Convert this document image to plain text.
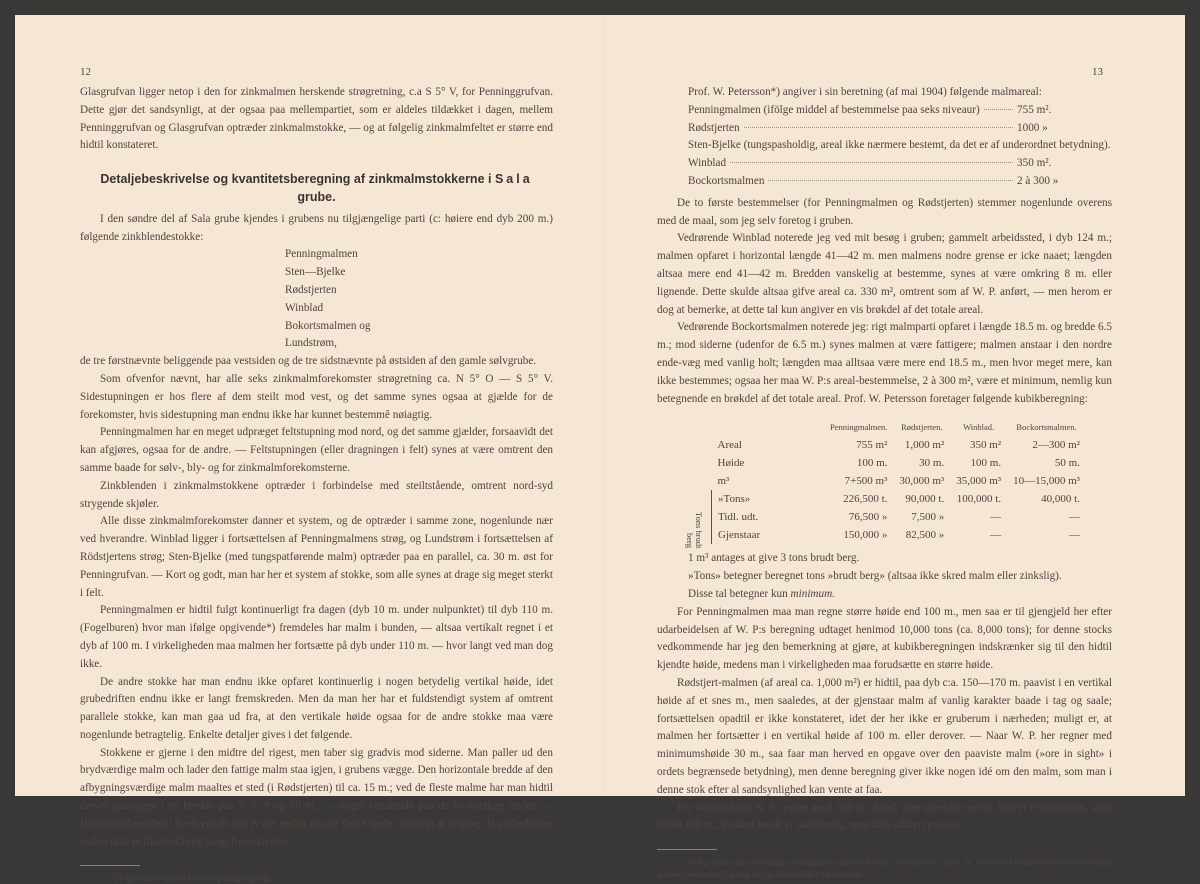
12

Glasgrufvan ligger netop i den for zinkmalmen herskende strøgretning, c.a S 5° V, for Penninggrufvan. Dette gjør det sandsynligt, at der ogsaa paa mellempartiet, som er aldeles tildækket i dagen, mellem Penninggrufvan og Glasgrufvan optræder zinkmalmstokke, — og at følgelig zinkmalmfeltet er større end hidtil konstateret.

Detaljebeskrivelse og kvantitetsberegning af zinkmalmstokkerne i Sala grube.

I den søndre del af Sala grube kjendes i grubens nu tilgjængelige parti (c: høiere end dyb 200 m.) følgende zinkblendestokke:

Penningmalmen
Sten—Bjelke
Rødstjerten
Winblad
Bokortsmalmen og
Lundstrøm,

de tre førstnævnte beliggende paa vestsiden og de tre sidstnævnte på østsiden af den gamle sølvgrube.

Som ofvenfor nævnt, har alle seks zinkmalmforekomster strøgretning ca. N 5° O — S 5° V. Sidestupningen er hos flere af dem steilt mod vest, og det samme synes ogsaa at gjælde for de forekomster, hvis sidestupning man endnu ikke har kunnet bestemmê nøiagtig.

Penningmalmen har en meget udpræget feltstupning mod nord, og det samme gjælder, forsaavidt det kan afgjøres, ogsaa for de andre. — Feltstupningen (eller dragningen i felt) synes at være omtrent den samme baade for sølv-, bly- og for zinkmalmforekomsterne.

Zinkblenden i zinkmalmstokkene optræder i forbindelse med steiltstående, omtrent nord-syd strygende skjøler.

Alle disse zinkmalmforekomster danner et system, og de optræder i samme zone, nogenlunde nær ved hverandre. Winblad ligger i fortsættelsen af Penningmalmens strøg, og Lundstrøm i fortsættelsen af Rödstjertens strøg; Sten-Bjelke (med tungspatførende malm) optræder paa en parallel, ca. 30 m. øst for Penningrufvan. — Kort og godt, man har her et system af stokke, som alle synes at drage sig meget sterkt i felt.

Penningmalmen er hidtil fulgt kontinuerligt fra dagen (dyb 10 m. under nulpunktet) til dyb 110 m. (Fogelburen) hvor man ifølge opgivende*) fremdeles har malm i bunden, — altsaa vertikalt regnet i et dyb af 100 m. I virkeligheden maa malmen her fortsætte på dyb under 110 m. — hvor langt ved man dog ikke.

De andre stokke har man endnu ikke opfaret kontinuerlig i nogen betydelig vertikal høide, idet grubedriften endnu ikke er langt fremskreden. Men da man her har et fuldstendigt system af omtrent parallele stokke, kan man gaa ud fra, at den vertikale høide ogsaa for de andre stokke maa være nogenlunde betragtelig. Enkelte detaljer gives i det følgende.

Stokkene er gjerne i den midtre del rigest, men taber sig gradvis mod siderne. Man paller ud den brydværdige malm och lader den fattige malm staa igjen, i grubens vægge. Den horizontale bredde af den afbygningsværdige malm maaltes et sted (i Rødstjerten) til ca. 15 m.; ved de fleste malme har man hidtil drevet palningen i en bredde paa 7, 8, 9 og 10 m., — noget vekslende paa de forskjellige steder. — Horizontallængden i hvert enkelt snit er det endnu paa de fleste steder umuligt at angive, da grubedriften endnu ikke er tillstrækkelig langt fremskreden.

*) Fogelburen var ved mit besøg utilgjængeligt.

13

Prof. W. Petersson*) angiver i sin beretning (af mai 1904) følgende malmareal:

Penningmalmen (ifölge middel af bestemmelse paa seks niveaur)	755 m².
Rødstjerten	1000 »
Sten-Bjelke (tungspasholdig, areal ikke nærmere bestemt, da det er af underordnet betydning).
Winblad	350 m².
Bockortsmalmen	2 à 300 »

De to første bestemmelser (for Penningmalmen og Rødstjerten) stemmer nogenlunde overens med de maal, som jeg selv foretog i gruben.

Vedrørende Winblad noterede jeg ved mit besøg i gruben; gammelt arbeidssted, i dyb 124 m.; malmen opfaret i horizontal længde 41—42 m. men malmens nodre grense er icke naaet; længden altsaa mere end 41—42 m. Bredden vanskelig at bestemme, synes at være omkring 8 m. eller lignende. Dette skulde altsaa gifve areal ca. 330 m², omtrent som af W. P. anført, — men herom er dog at bemerke, at dette tal kun angiver en vis brøkdel af det totale areal.

Vedrørende Bockortsmalmen noterede jeg: rigt malmparti opfaret i længde 18.5 m. og bredde 6.5 m.; mod siderne (udenfor de 6.5 m.) synes malmen at være fattigere; malmen anstaar i den nordre ende-væg med vanlig holt; længden maa alltsaa være mere end 18.5 m., men hvor meget mere, kan ikke bestemmes; ogsaa her maa W. P:s areal-bestemmelse, 2 à 300 m², være et minimum, nemlig kun betegnende en brøkdel af det totale areal. Prof. W. Petersson foretager følgende kubikberegning:

		Penningmalmen.	Rødstjerten.	Winblad.	Bockortsmalmen.
	Areal	755 m²	1,000 m²	350 m²	2—300 m²
	Høide	100 m.	30 m.	100 m.	50 m.
	m³	7+500 m³	30,000 m³	35,000 m³	10—15,000 m³

Tons brudt berg	»Tons»	226,500 t.	90,000 t.	100,000 t.	40,000 t.
	Tidl. udt.	76,500 »	7,500 »	—	—
	Gjenstaar	150,000 »	82,500 »	—	—

1 m³ antages at give 3 tons brudt berg.

»Tons» betegner beregnet tons »brudt berg» (altsaa ikke skred malm eller zinkslig).

Disse tal betegner kun minimum.

For Penningmalmen maa man regne større høide end 100 m., men saa er til gjengjeld her efter udarbeidelsen af W. P:s beregning udtaget henimod 10,000 tons (ca. 8,000 tons); for denne stocks vedkommende har jeg den bemerkning at gjøre, at kubikberegningen indskrænker sig til den hidtil kjendte høide, medens man i virkeligheden maa forudsætte en større høide.

Rødstjert-malmen (af areal ca. 1,000 m²) er hidtil, paa dyb c:a. 150—170 m. paavist i en vertikal høide af et snes m., men saaledes, at der gjenstaar malm af vanlig karakter baade i tag og saale; fortsættelsen opadtil er ikke konstateret, idet der her ikke er gruberum i nærheden; muligt er, at malmen her fortsætter i en vertikal høide af 100 m. eller derover. — Naar W. P. her regner med minimumshøide 30 m., saa faar man herved en opgave over den paaviste malm (»ore in sight» i ordets begrænsede betydning), men denne beregning giver ikke nogen idé om den malm, som man i denne stok efter al sandsynlighed kan vente at faa.

For Winblad har W. P. regnet areal 350 m², hvad, som ofvenfor nævnt, kun er et minimum, samt høide 100 m., hvilken høide er sandsynlig, men ikke sikkert paavist.

*) Jeg finder det overflødigt at rekapitulere alle de detaljer, som anföres i prof. W. Peterssons beskrivelse; ved mit besög i gruben overbeviste jeg mig om, at hans detaljer var korrekte.
